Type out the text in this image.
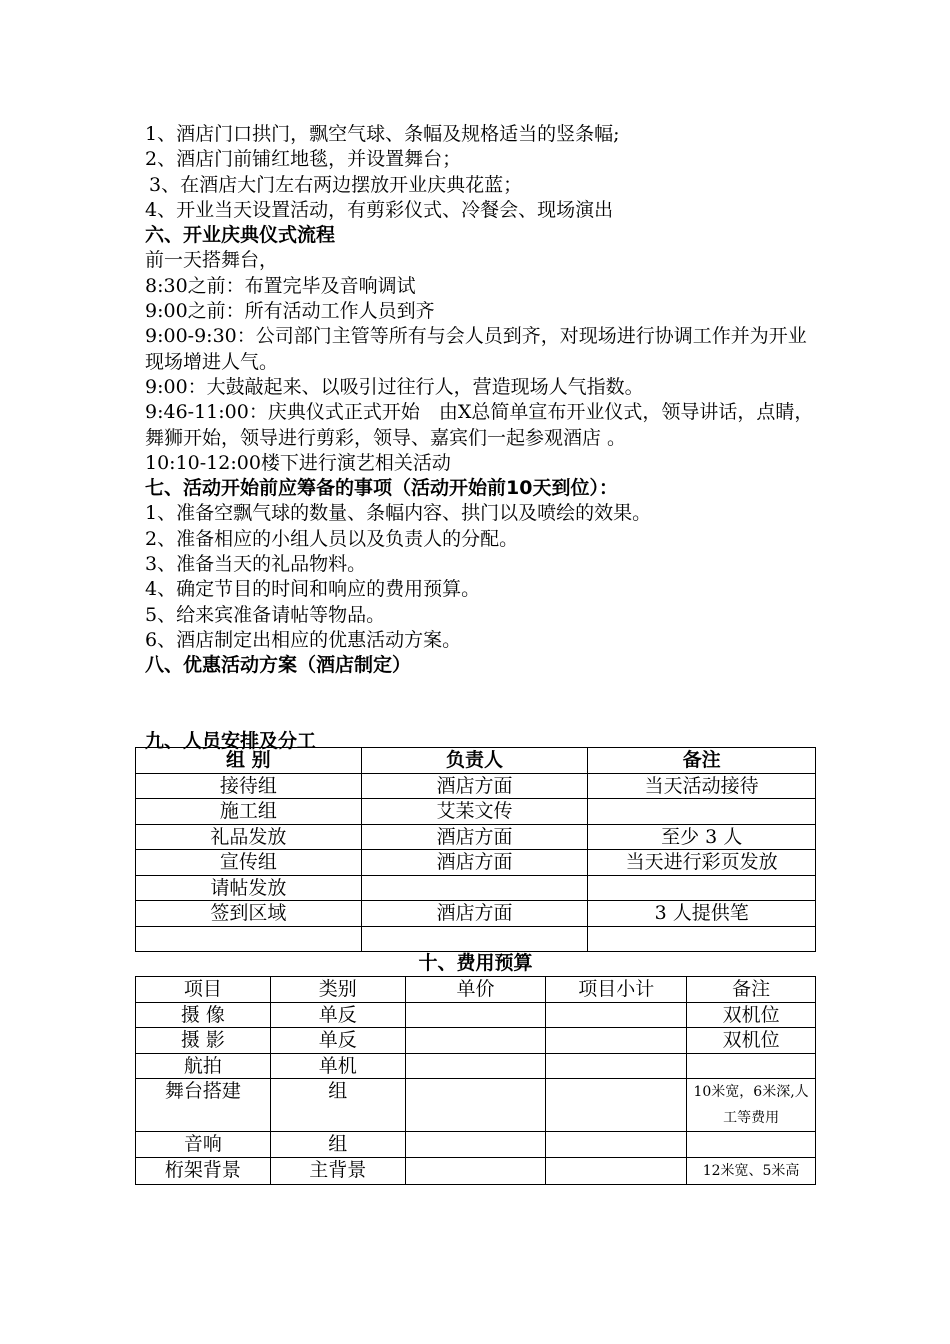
1、酒店门口拱门，飘空气球、条幅及规格适当的竖条幅;
2、酒店门前铺红地毯，并设置舞台；
3、在酒店大门左右两边摆放开业庆典花蓝；
4、开业当天设置活动，有剪彩仪式、冷餐会、现场演出
六、开业庆典仪式流程
前一天搭舞台，
8:30之前：布置完毕及音响调试
9:00之前：所有活动工作人员到齐
9:00-9:30：公司部门主管等所有与会人员到齐，对现场进行协调工作并为开业现场增进人气。
9:00：大鼓敲起来、以吸引过往行人，营造现场人气指数。
9:46-11:00：庆典仪式正式开始　由X总简单宣布开业仪式，领导讲话，点睛，舞狮开始，领导进行剪彩，领导、嘉宾们一起参观酒店 。
10:10-12:00楼下进行演艺相关活动
七、活动开始前应筹备的事项（活动开始前10天到位）：
1、准备空飘气球的数量、条幅内容、拱门以及喷绘的效果。
2、准备相应的小组人员以及负责人的分配。
3、准备当天的礼品物料。
4、确定节目的时间和响应的费用预算。
5、给来宾准备请帖等物品。
6、酒店制定出相应的优惠活动方案。
八、优惠活动方案（酒店制定）
九、人员安排及分工
组 别	负责人	备注
接待组	酒店方面	当天活动接待
施工组	艾苿文传	
礼品发放	酒店方面	至少 3 人
宣传组	酒店方面	当天进行彩页发放
请帖发放		
签到区域	酒店方面	3 人提供笔

十、费用预算
项目	类别	单价	项目小计	备注
摄 像	单反			双机位
摄 影	单反			双机位
航拍	单机			
舞台搭建	组			10米宽，6米深,人工等费用
音响	组			
桁架背景	主背景			12米宽、5米高
